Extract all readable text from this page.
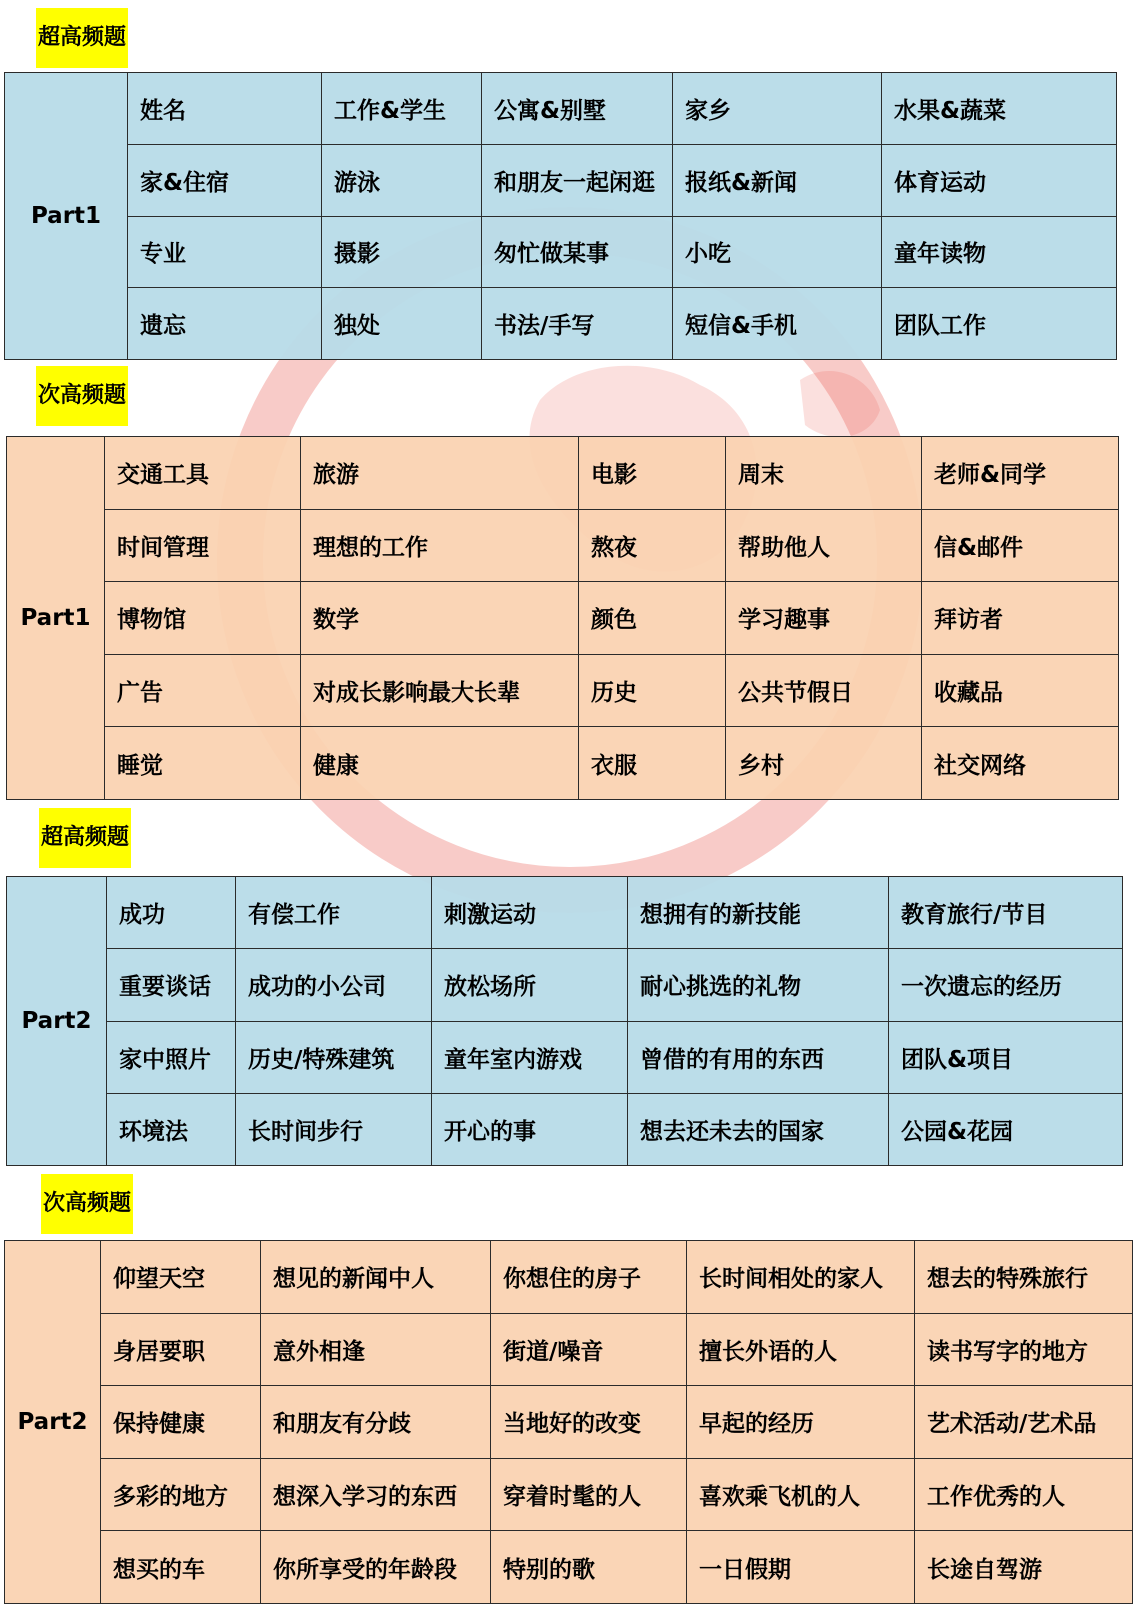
超高频题
Part1	姓名	工作&学生	公寓&别墅	家乡	水果&蔬菜
	家&住宿	游泳	和朋友一起闲逛	报纸&新闻	体育运动
	专业	摄影	匆忙做某事	小吃	童年读物
	遗忘	独处	书法/手写	短信&手机	团队工作
次高频题
Part1	交通工具	旅游	电影	周末	老师&同学
	时间管理	理想的工作	熬夜	帮助他人	信&邮件
	博物馆	数学	颜色	学习趣事	拜访者
	广告	对成长影响最大长辈	历史	公共节假日	收藏品
	睡觉	健康	衣服	乡村	社交网络
超高频题
Part2	成功	有偿工作	刺激运动	想拥有的新技能	教育旅行/节目
	重要谈话	成功的小公司	放松场所	耐心挑选的礼物	一次遗忘的经历
	家中照片	历史/特殊建筑	童年室内游戏	曾借的有用的东西	团队&项目
	环境法	长时间步行	开心的事	想去还未去的国家	公园&花园
次高频题
Part2	仰望天空	想见的新闻中人	你想住的房子	长时间相处的家人	想去的特殊旅行
	身居要职	意外相逢	街道/噪音	擅长外语的人	读书写字的地方
	保持健康	和朋友有分歧	当地好的改变	早起的经历	艺术活动/艺术品
	多彩的地方	想深入学习的东西	穿着时髦的人	喜欢乘飞机的人	工作优秀的人
	想买的车	你所享受的年龄段	特别的歌	一日假期	长途自驾游
